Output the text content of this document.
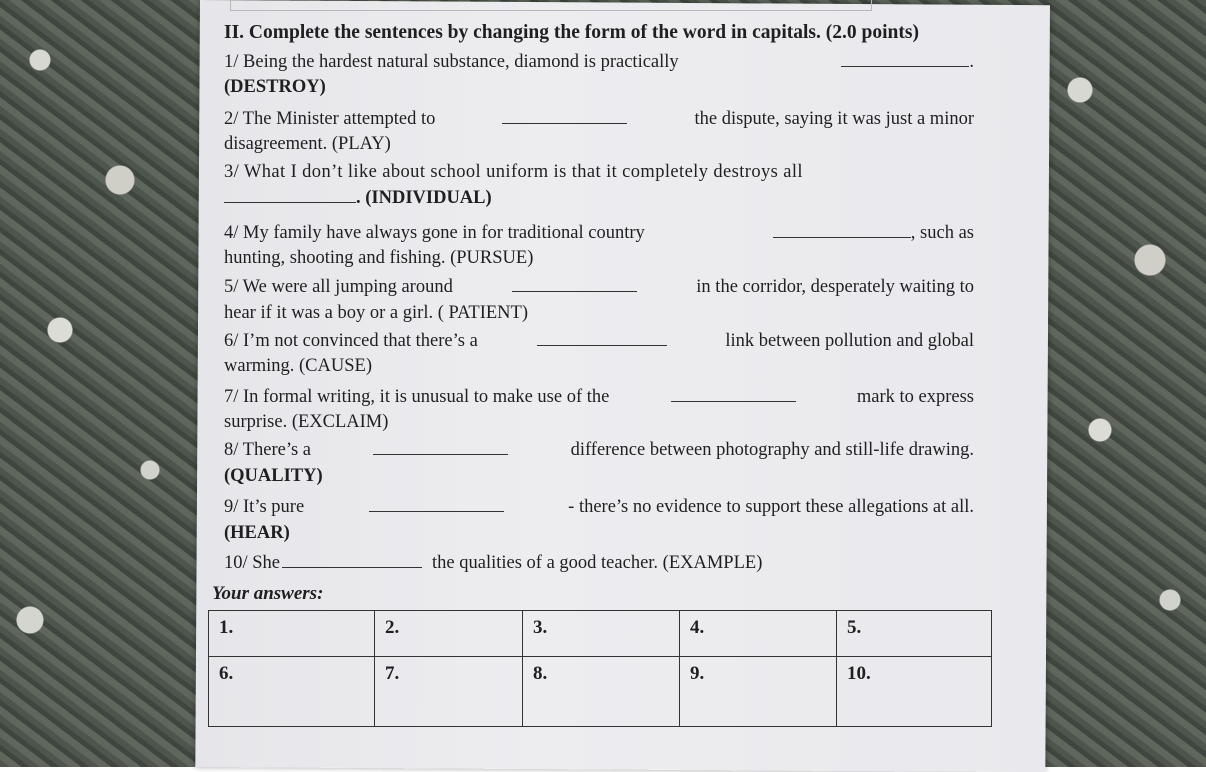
II. Complete the sentences by changing the form of the word in capitals. (2.0 points)
1/ Being the hardest natural substance, diamond is practically	.
(DESTROY)
2/ The Minister attempted to	the dispute, saying it was just a minor
disagreement. (PLAY)
3/ What I don’t like about school uniform is that it completely destroys all
. (INDIVIDUAL)
4/ My family have always gone in for traditional country	, such as
hunting, shooting and fishing. (PURSUE)
5/ We were all jumping around	in the corridor, desperately waiting to
hear if it was a boy or a girl. ( PATIENT)
6/ I’m not convinced that there’s a	link between pollution and global
warming. (CAUSE)
7/ In formal writing, it is unusual to make use of the	mark to express
surprise. (EXCLAIM)
8/ There’s a	difference between photography and still-life drawing.
(QUALITY)
9/ It’s pure	- there’s no evidence to support these allegations at all.
(HEAR)
10/ She	the qualities of a good teacher. (EXAMPLE)
Your answers:
1.	2.	3.	4.	5.
6.	7.	8.	9.	10.
